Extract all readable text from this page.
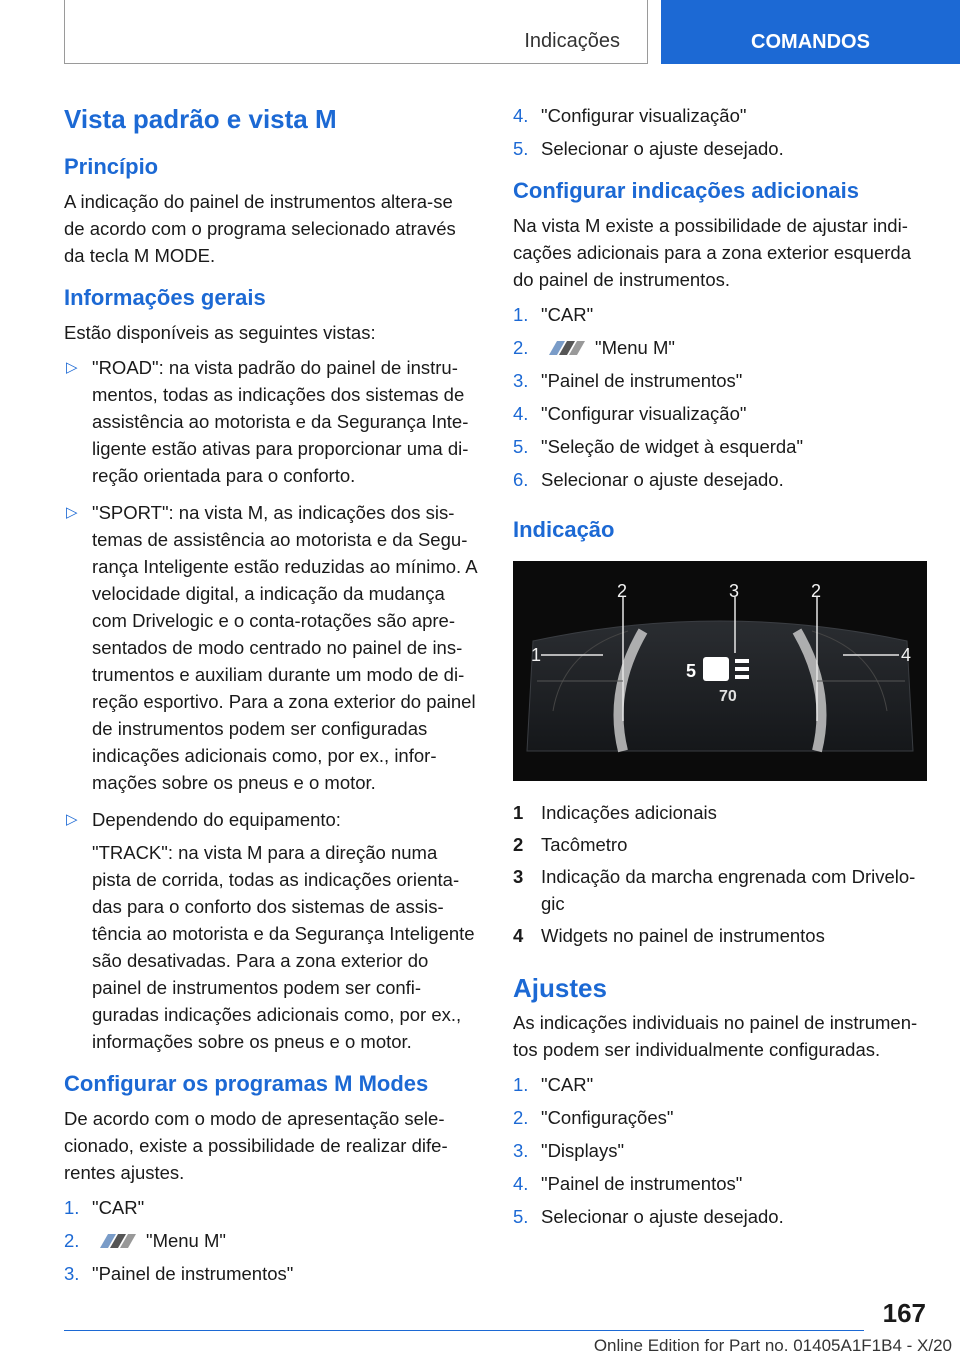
Indicações	COMANDOS
Vista padrão e vista M
Princípio

A indicação do painel de instrumentos altera-se de acordo com o programa selecionado através da tecla M MODE.

Informações gerais

Estão disponíveis as seguintes vistas:

▷ "ROAD": na vista padrão do painel de instrumentos, todas as indicações dos sistemas de assistência ao motorista e da Segurança Inteligente estão ativas para proporcionar uma direção orientada para o conforto.
▷ "SPORT": na vista M, as indicações dos sistemas de assistência ao motorista e da Segurança Inteligente estão reduzidas ao mínimo. A velocidade digital, a indicação da mudança com Drivelogic e o conta-rotações são apresentados de modo centrado no painel de instrumentos e auxiliam durante um modo de direção esportivo. Para a zona exterior do painel de instrumentos podem ser configuradas indicações adicionais como, por ex., informações sobre os pneus e o motor.
▷ Dependendo do equipamento:

"TRACK": na vista M para a direção numa pista de corrida, todas as indicações orientadas para o conforto dos sistemas de assistência ao motorista e da Segurança Inteligente são desativadas. Para a zona exterior do painel de instrumentos podem ser configuradas indicações adicionais como, por ex., informações sobre os pneus e o motor.

Configurar os programas M Modes

De acordo com o modo de apresentação selecionado, existe a possibilidade de realizar diferentes ajustes.

1. "CAR"
2.	"Menu M"
3. "Painel de instrumentos"
4. "Configurar visualização"
5. Selecionar o ajuste desejado.
Configurar indicações adicionais

Na vista M existe a possibilidade de ajustar indicações adicionais para a zona exterior esquerda do painel de instrumentos.

1. "CAR"
2.	"Menu M"
3. "Painel de instrumentos"
4. "Configurar visualização"
5. "Seleção de widget à esquerda"
6. Selecionar o ajuste desejado.
Indicação
1
2	3	2
4
5
70
1 Indicações adicionais
2 Tacômetro
3 Indicação da marcha engrenada com Drivelogic
4 Widgets no painel de instrumentos
Ajustes

As indicações individuais no painel de instrumentos podem ser individualmente configuradas.

1. "CAR"
2. "Configurações"
3. "Displays"
4. "Painel de instrumentos"
5. Selecionar o ajuste desejado.
167
Online Edition for Part no. 01405A1F1B4 - X/20
